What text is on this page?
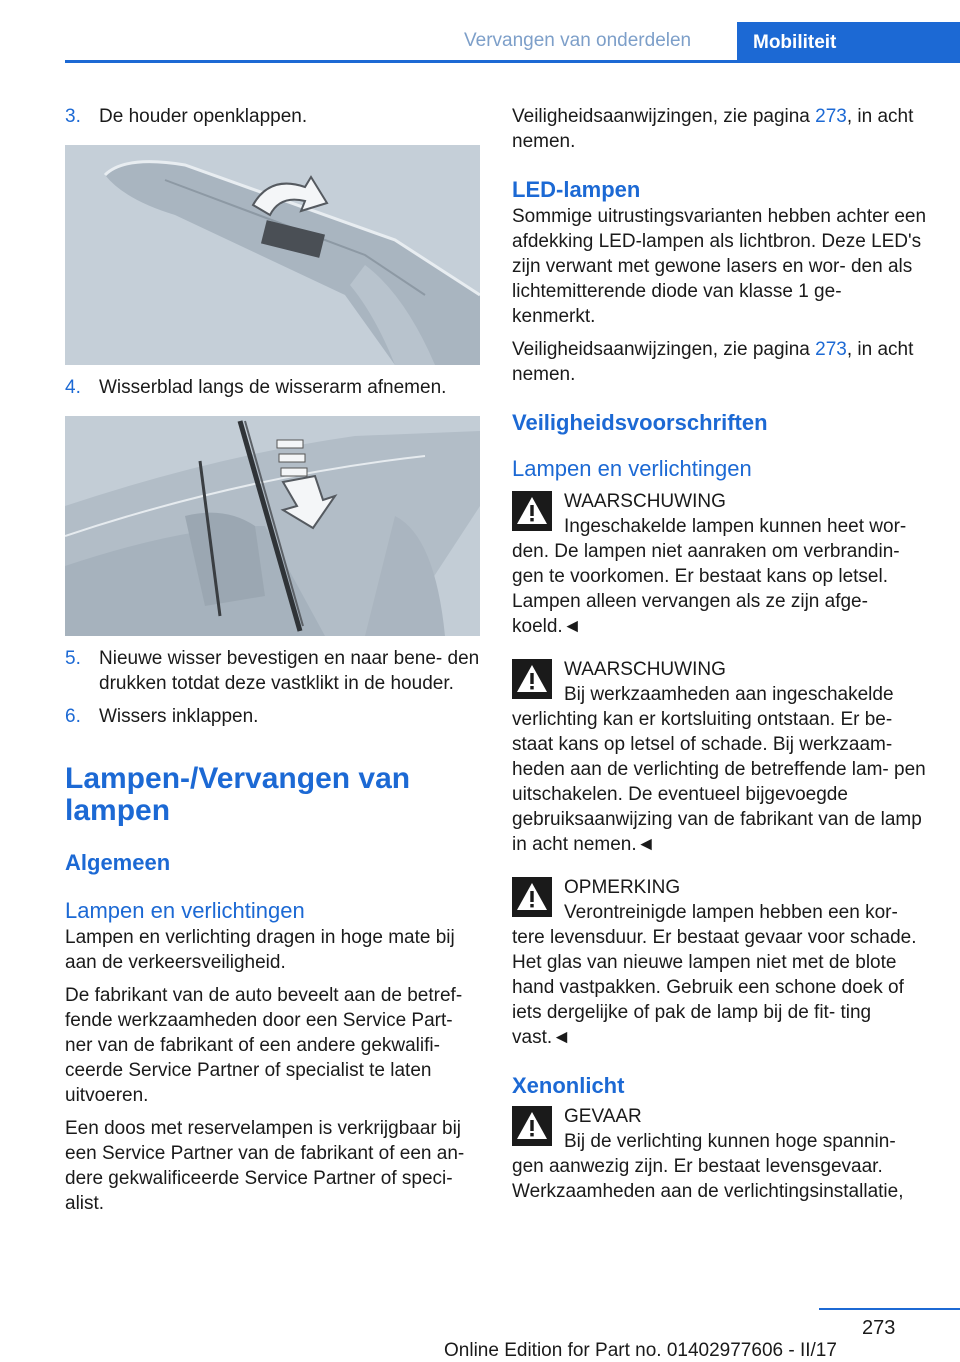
Vervangen van onderdelen	Mobiliteit
3. De houder openklappen.
4. Wisserblad langs de wisserarm afnemen.
5. Nieuwe wisser bevestigen en naar bene‐ den drukken totdat deze vastklikt in de houder.
6. Wissers inklappen.
Lampen-/Vervangen van lampen
Algemeen
Lampen en verlichtingen

Lampen en verlichting dragen in hoge mate bij aan de verkeersveiligheid.

De fabrikant van de auto beveelt aan de betref‐ fende werkzaamheden door een Service Part‐ ner van de fabrikant of een andere gekwalifi‐ ceerde Service Partner of specialist te laten uitvoeren.

Een doos met reservelampen is verkrijgbaar bij een Service Partner van de fabrikant of een an‐ dere gekwalificeerde Service Partner of speci‐ alist.

Veiligheidsaanwijzingen, zie pagina 273, in acht nemen.

LED-lampen

Sommige uitrustingsvarianten hebben achter een afdekking LED-lampen als lichtbron. Deze LED's zijn verwant met gewone lasers en wor‐ den als lichtemitterende diode van klasse 1 ge‐ kenmerkt.

Veiligheidsaanwijzingen, zie pagina 273, in acht nemen.

Veiligheidsvoorschriften
Lampen en verlichtingen
WAARSCHUWING
Ingeschakelde lampen kunnen heet wor‐

den. De lampen niet aanraken om verbrandin‐ gen te voorkomen. Er bestaat kans op letsel. Lampen alleen vervangen als ze zijn afge‐ koeld.◄

WAARSCHUWING
Bij werkzaamheden aan ingeschakelde

verlichting kan er kortsluiting ontstaan. Er be‐ staat kans op letsel of schade. Bij werkzaam‐ heden aan de verlichting de betreffende lam‐ pen uitschakelen. De eventueel bijgevoegde gebruiksaanwijzing van de fabrikant van de lamp in acht nemen.◄

OPMERKING
Verontreinigde lampen hebben een kor‐

tere levensduur. Er bestaat gevaar voor schade. Het glas van nieuwe lampen niet met de blote hand vastpakken. Gebruik een schone doek of iets dergelijke of pak de lamp bij de fit‐ ting vast.◄

Xenonlicht
GEVAAR
Bij de verlichting kunnen hoge spannin‐

gen aanwezig zijn. Er bestaat levensgevaar. Werkzaamheden aan de verlichtingsinstallatie,

273
Online Edition for Part no. 01402977606 - II/17
